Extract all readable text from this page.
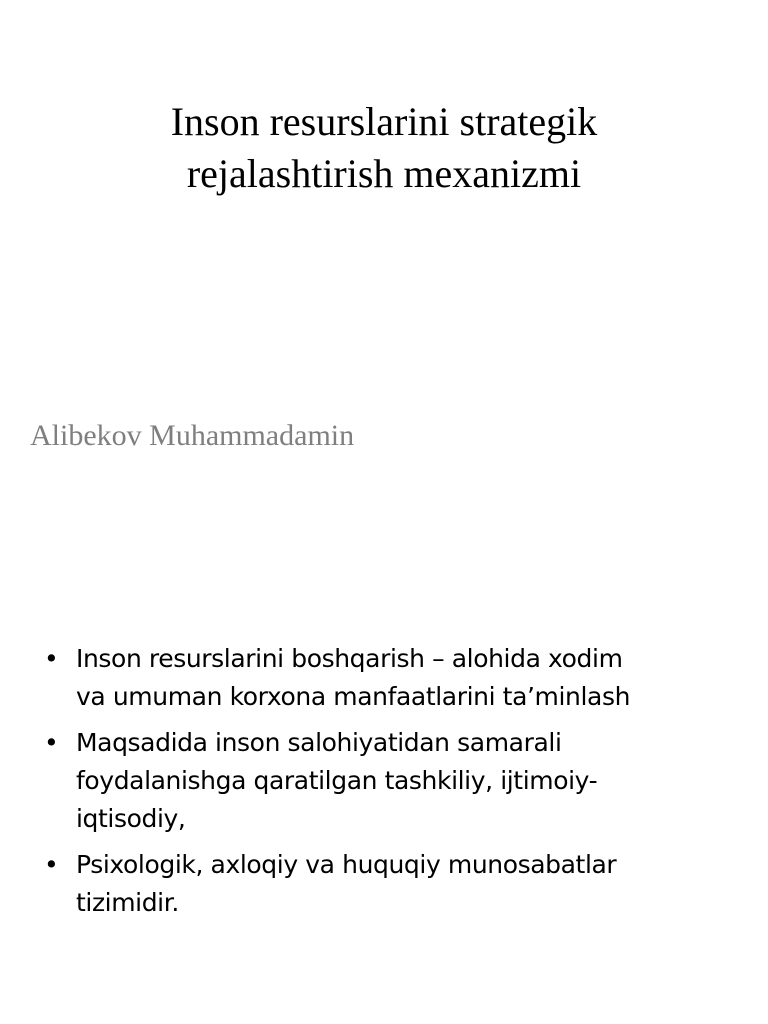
Inson resurslarini strategik
rejalashtirish mexanizmi

Alibekov Muhammadamin

• Inson resurslarini boshqarish – alohida xodim
va umuman korxona manfaatlarini ta’minlash
• Maqsadida inson salohiyatidan samarali
foydalanishga qaratilgan tashkiliy, ijtimoiy-
iqtisodiy,
• Psixologik, axloqiy va huquqiy munosabatlar
tizimidir.
